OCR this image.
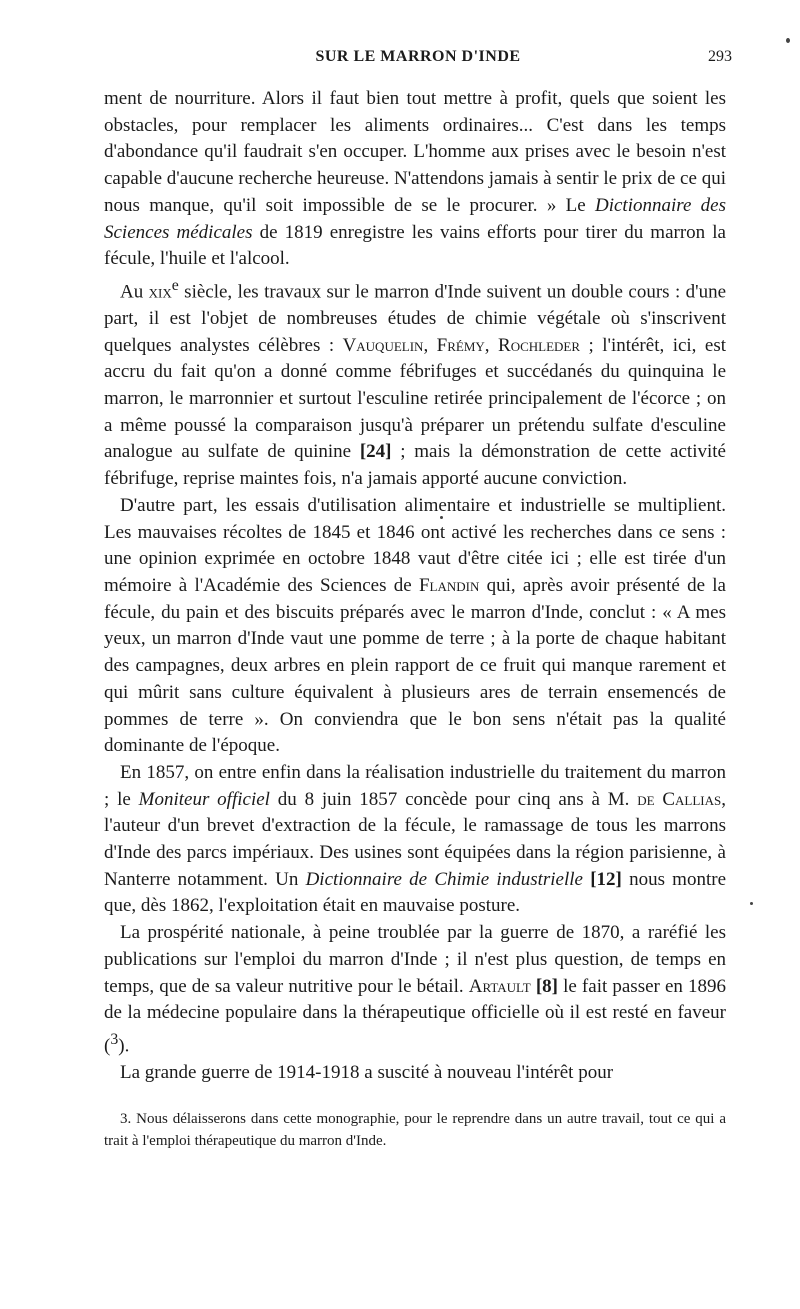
SUR LE MARRON D'INDE	293

ment de nourriture. Alors il faut bien tout mettre à profit, quels que soient les obstacles, pour remplacer les aliments ordinaires... C'est dans les temps d'abondance qu'il faudrait s'en occuper. L'homme aux prises avec le besoin n'est capable d'aucune recherche heureuse. N'attendons jamais à sentir le prix de ce qui nous manque, qu'il soit impossible de se le procurer. » Le Dictionnaire des Sciences médicales de 1819 enregistre les vains efforts pour tirer du marron la fécule, l'huile et l'alcool.

Au xix$^e$ siècle, les travaux sur le marron d'Inde suivent un double cours : d'une part, il est l'objet de nombreuses études de chimie végétale où s'inscrivent quelques analystes célèbres : Vauquelin, Frémy, Rochleder ; l'intérêt, ici, est accru du fait qu'on a donné comme fébrifuges et succédanés du quinquina le marron, le marronnier et surtout l'esculine retirée principalement de l'écorce ; on a même poussé la comparaison jusqu'à préparer un prétendu sulfate d'esculine analogue au sulfate de quinine [24] ; mais la démonstration de cette activité fébrifuge, reprise maintes fois, n'a jamais apporté aucune conviction.

D'autre part, les essais d'utilisation alimentaire et industrielle se multiplient. Les mauvaises récoltes de 1845 et 1846 ont activé les recherches dans ce sens : une opinion exprimée en octobre 1848 vaut d'être citée ici ; elle est tirée d'un mémoire à l'Académie des Sciences de Flandin qui, après avoir présenté de la fécule, du pain et des biscuits préparés avec le marron d'Inde, conclut : « A mes yeux, un marron d'Inde vaut une pomme de terre ; à la porte de chaque habitant des campagnes, deux arbres en plein rapport de ce fruit qui manque rarement et qui mûrit sans culture équivalent à plusieurs ares de terrain ensemencés de pommes de terre ». On conviendra que le bon sens n'était pas la qualité dominante de l'époque.

En 1857, on entre enfin dans la réalisation industrielle du traitement du marron ; le Moniteur officiel du 8 juin 1857 concède pour cinq ans à M. de Callias, l'auteur d'un brevet d'extraction de la fécule, le ramassage de tous les marrons d'Inde des parcs impériaux. Des usines sont équipées dans la région parisienne, à Nanterre notamment. Un Dictionnaire de Chimie industrielle [12] nous montre que, dès 1862, l'exploitation était en mauvaise posture.

La prospérité nationale, à peine troublée par la guerre de 1870, a raréfié les publications sur l'emploi du marron d'Inde ; il n'est plus question, de temps en temps, que de sa valeur nutritive pour le bétail. Artault [8] le fait passer en 1896 de la médecine populaire dans la thérapeutique officielle où il est resté en faveur ($^3$).

La grande guerre de 1914-1918 a suscité à nouveau l'intérêt pour

3. Nous délaisserons dans cette monographie, pour le reprendre dans un autre travail, tout ce qui a trait à l'emploi thérapeutique du marron d'Inde.
